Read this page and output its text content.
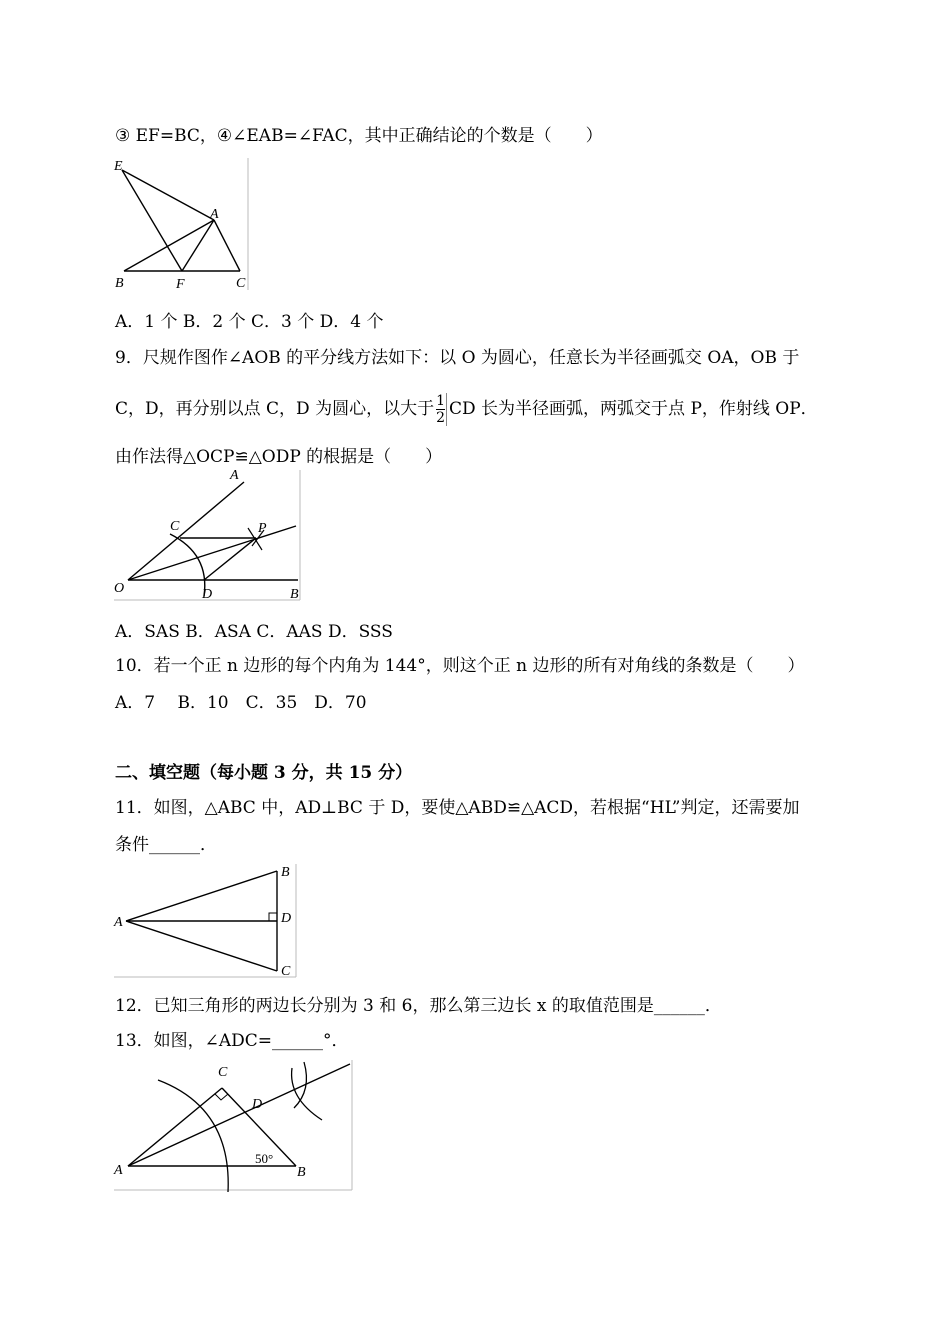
③ EF=BC，④∠EAB=∠FAC，其中正确结论的个数是（　　）
E
A
B	F	C
A．1 个 B．2 个 C．3 个 D．4 个
9．尺规作图作∠AOB 的平分线方法如下：以 O 为圆心，任意长为半径画弧交 OA，OB 于
C，D，再分别以点 C，D 为圆心，以大于 $\frac{1}{2}$ CD 长为半径画弧，两弧交于点 P，作射线 OP．
由作法得△OCP≌△ODP 的根据是（　　）
A
C	P
O	D	B
A．SAS B．ASA C．AAS D．SSS
10．若一个正 n 边形的每个内角为 144°，则这个正 n 边形的所有对角线的条数是（　　）
A．7　 B．10　C．35　D．70
二、填空题（每小题 3 分，共 15 分）
11．如图，△ABC 中，AD⊥BC 于 D，要使△ABD≌△ACD，若根据“HL”判定，还需要加
条件______．
A
B
D
C
12．已知三角形的两边长分别为 3 和 6，那么第三边长 x 的取值范围是______．
13．如图，∠ADC=______°．
C
D
A	B
50°
